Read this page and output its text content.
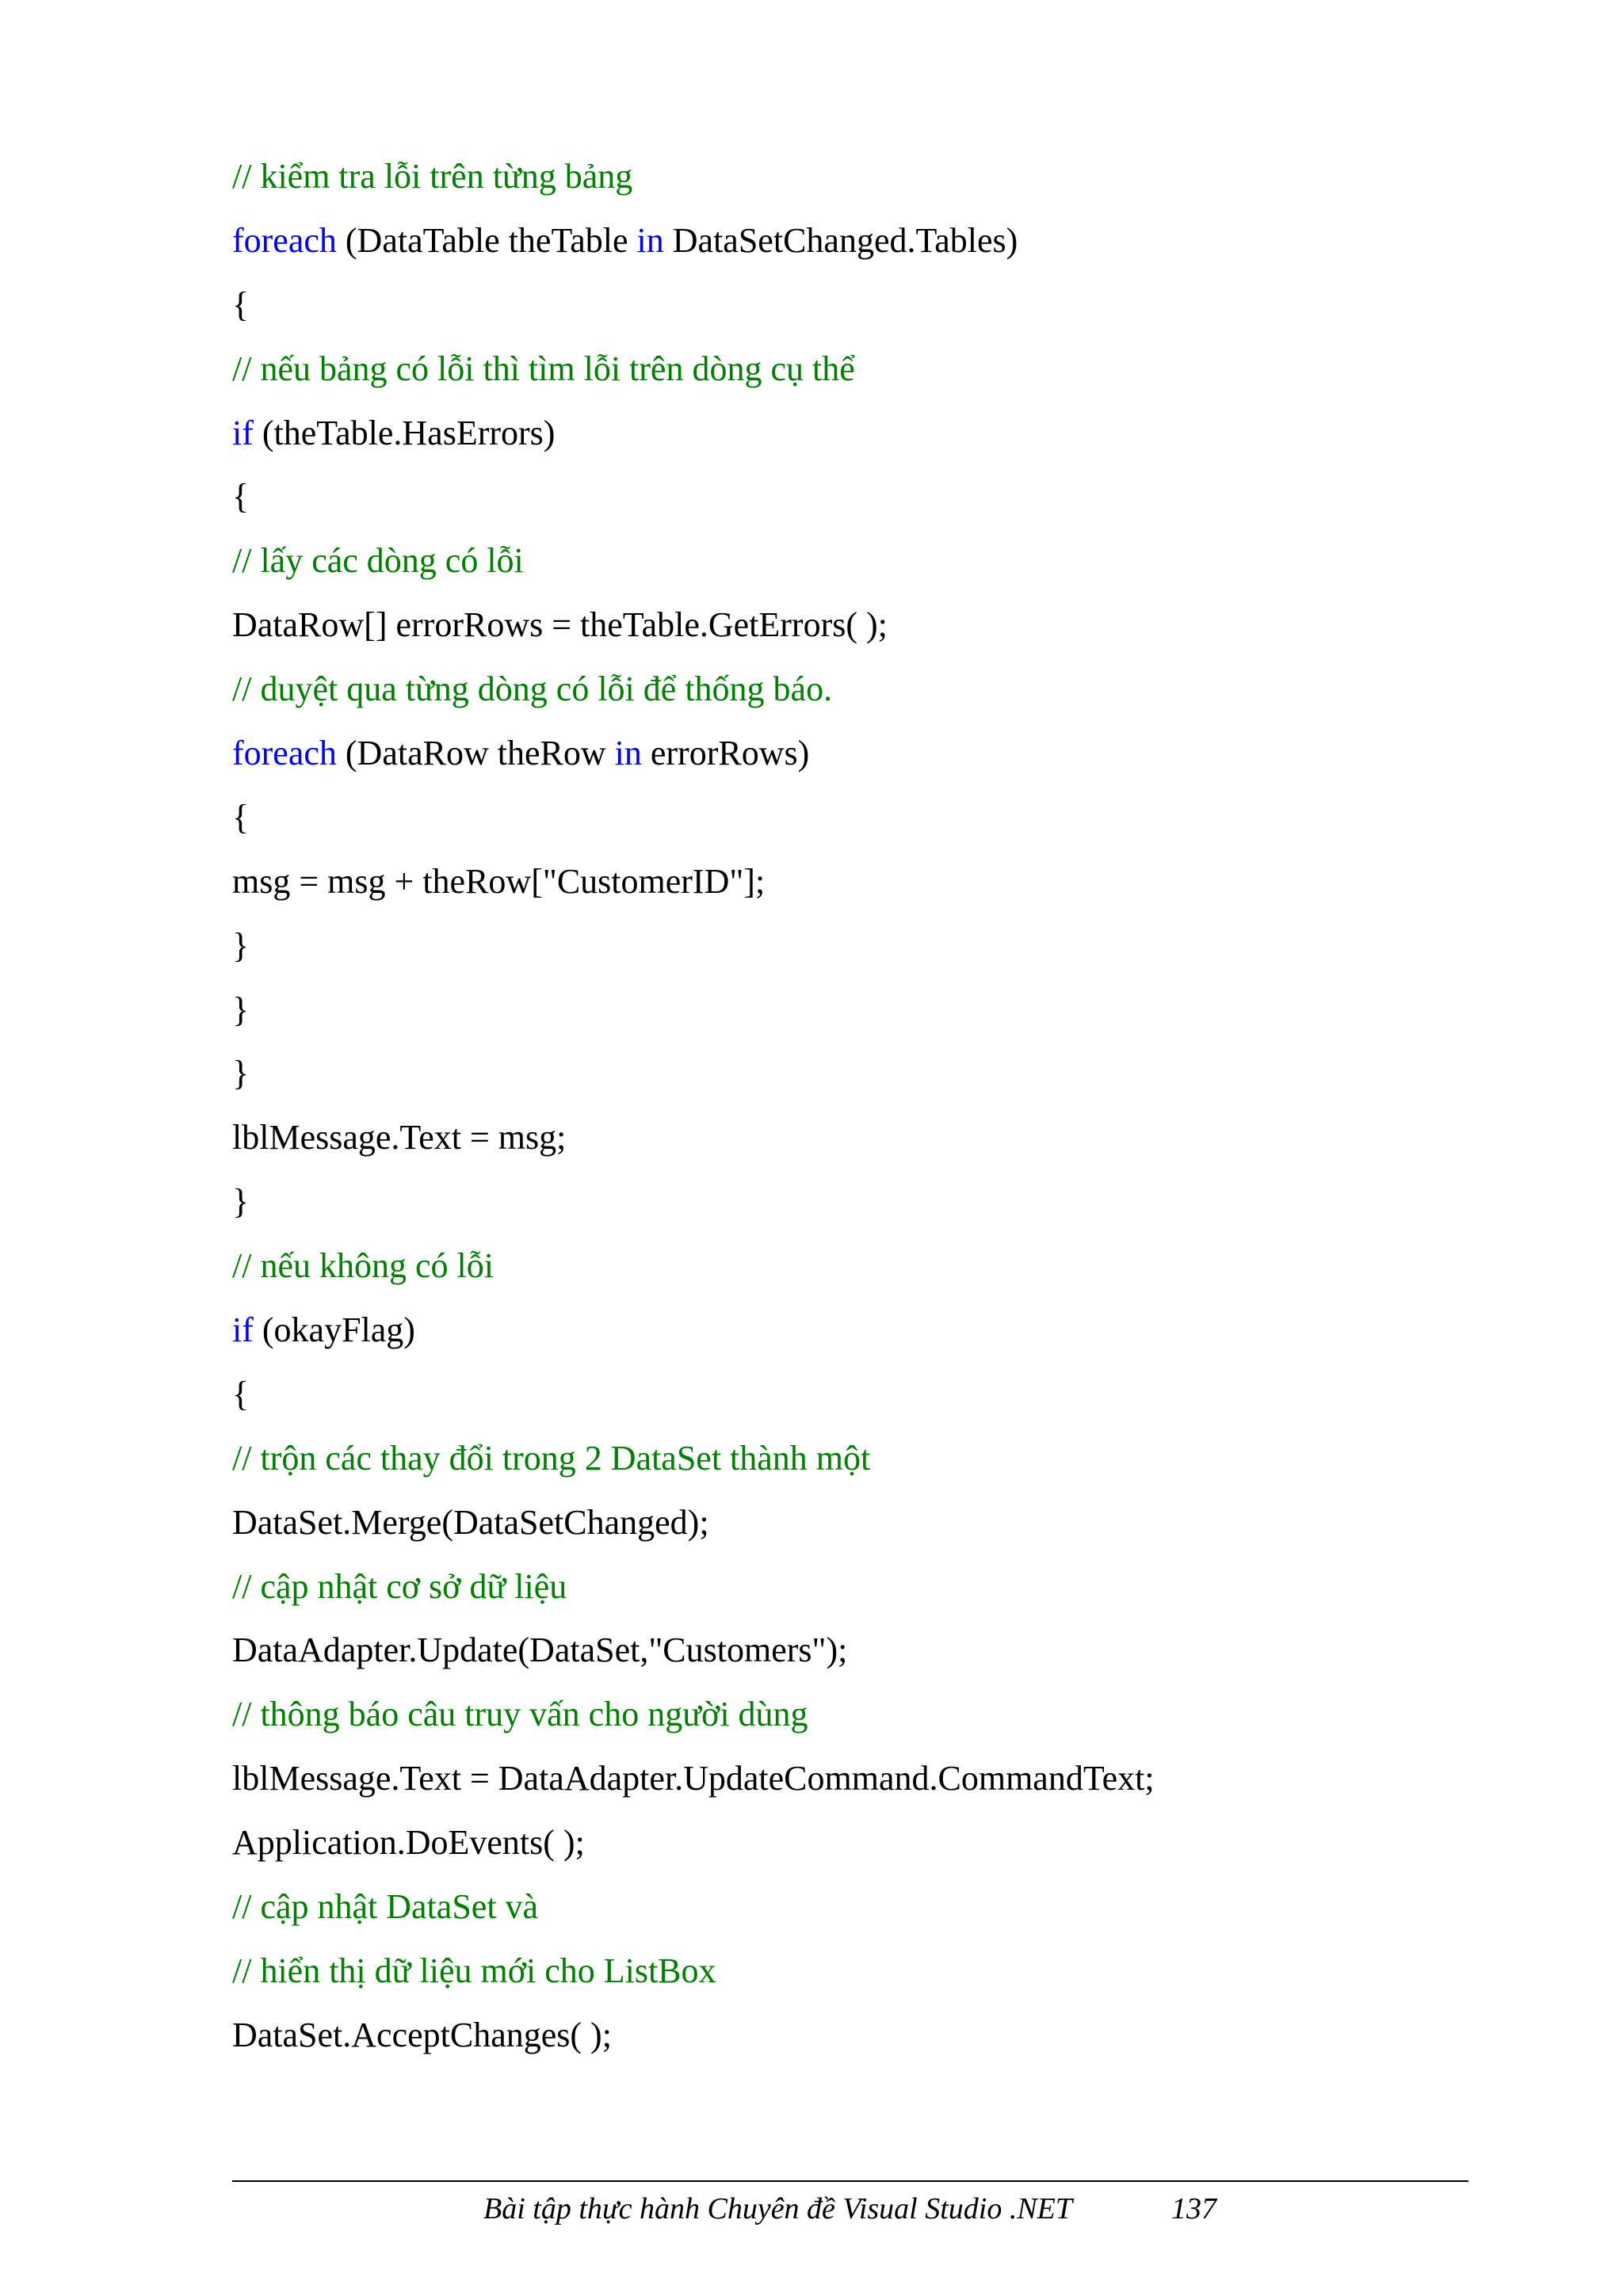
// kiểm tra lỗi trên từng bảng
foreach (DataTable theTable in DataSetChanged.Tables)
{
// nếu bảng có lỗi thì tìm lỗi trên dòng cụ thể
if (theTable.HasErrors)
{
// lấy các dòng có lỗi
DataRow[] errorRows = theTable.GetErrors( );
// duyệt qua từng dòng có lỗi để thống báo.
foreach (DataRow theRow in errorRows)
{
msg = msg + theRow["CustomerID"];
}
}
}
lblMessage.Text = msg;
}
// nếu không có lỗi
if (okayFlag)
{
// trộn các thay đổi trong 2 DataSet thành một
DataSet.Merge(DataSetChanged);
// cập nhật cơ sở dữ liệu
DataAdapter.Update(DataSet,"Customers");
// thông báo câu truy vấn cho người dùng
lblMessage.Text = DataAdapter.UpdateCommand.CommandText;
Application.DoEvents( );
// cập nhật DataSet và
// hiển thị dữ liệu mới cho ListBox
DataSet.AcceptChanges( );
Bài tập thực hành Chuyên đề Visual Studio .NET	137
